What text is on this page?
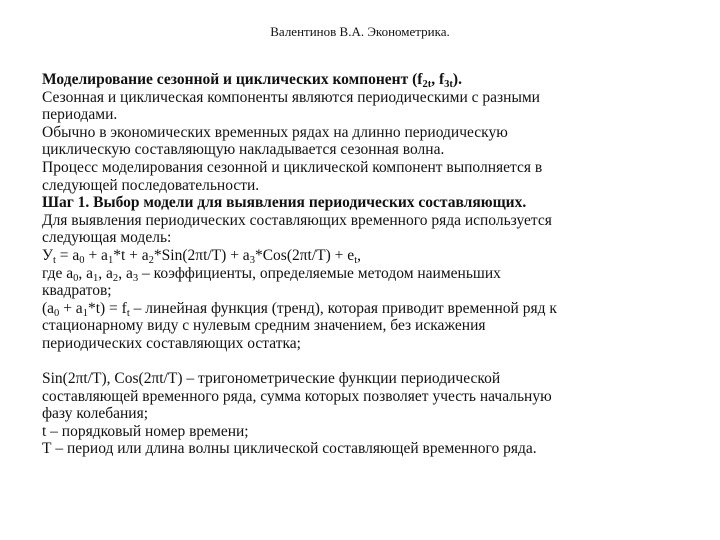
Валентинов В.А. Эконометрика.
Моделирование сезонной и циклических компонент ($f_{2t}$, $f_{3t}$).
Сезонная и циклическая компоненты являются периодическими с разными
периодами.
Обычно в экономических временных рядах на длинно периодическую
циклическую составляющую накладывается сезонная волна.
Процесс моделирования сезонной и циклической компонент выполняется в
следующей последовательности.
Шаг 1. Выбор модели для выявления периодических составляющих.
Для выявления периодических составляющих временного ряда используется
следующая модель:
$У_t = a_0 + a_1*t + a_2*Sin(2\pi t/T) + a_3*Cos(2\pi t/T) + e_t$,
где $a_0$, $a_1$, $a_2$, $a_3$ – коэффициенты, определяемые методом наименьших
квадратов;
$(a_0 + a_1*t) = f_t$ – линейная функция (тренд), которая приводит временной ряд к
стационарному виду с нулевым средним значением, без искажения
периодических составляющих остатка;
Sin(2πt/T), Cos(2πt/T) – тригонометрические функции периодической
составляющей временного ряда, сумма которых позволяет учесть начальную
фазу колебания;
t – порядковый номер времени;
Т – период или длина волны циклической составляющей временного ряда.
